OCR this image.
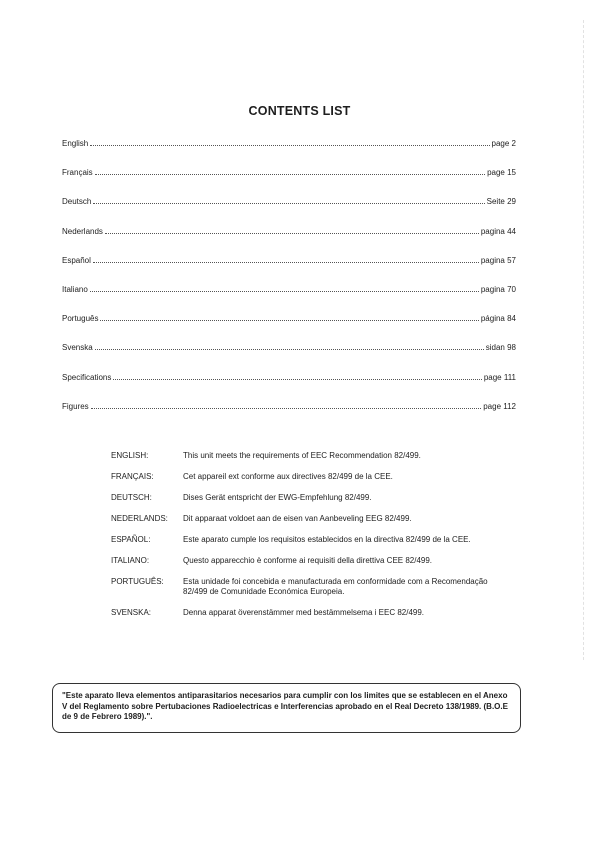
CONTENTS LIST
English	page 2
Français	page 15
Deutsch	Seite 29
Nederlands	pagina 44
Español	pagina 57
Italiano	pagina 70
Português	página 84
Svenska	sidan 98
Specifications	page 111
Figures	page 112
ENGLISH:	This unit meets the requirements of EEC Recommendation 82/499.
FRANÇAIS:	Cet appareil ext conforme aux directives 82/499 de la CEE.
DEUTSCH:	Dises Gerät entspricht der EWG-Empfehlung 82/499.
NEDERLANDS:	Dit apparaat voldoet aan de eisen van Aanbeveling EEG 82/499.
ESPAÑOL:	Este aparato cumple los requisitos establecidos en la directiva 82/499 de la CEE.
ITALIANO:	Questo apparecchio è conforme ai requisiti della direttiva CEE 82/499.
PORTUGUÊS:	Esta unidade foi concebida e manufacturada em conformidade com a Recomendação 82/499 de Comunidade Económica Europeia.
SVENSKA:	Denna apparat överenstämmer med bestämmelsema i EEC 82/499.
"Este aparato lleva elementos antiparasitarios necesarios para cumplir con los limites que se establecen en el Anexo V del Reglamento sobre Pertubaciones Radioelectricas e Interferencias aprobado en el Real Decreto 138/1989. (B.O.E de 9 de Febrero 1989).".
